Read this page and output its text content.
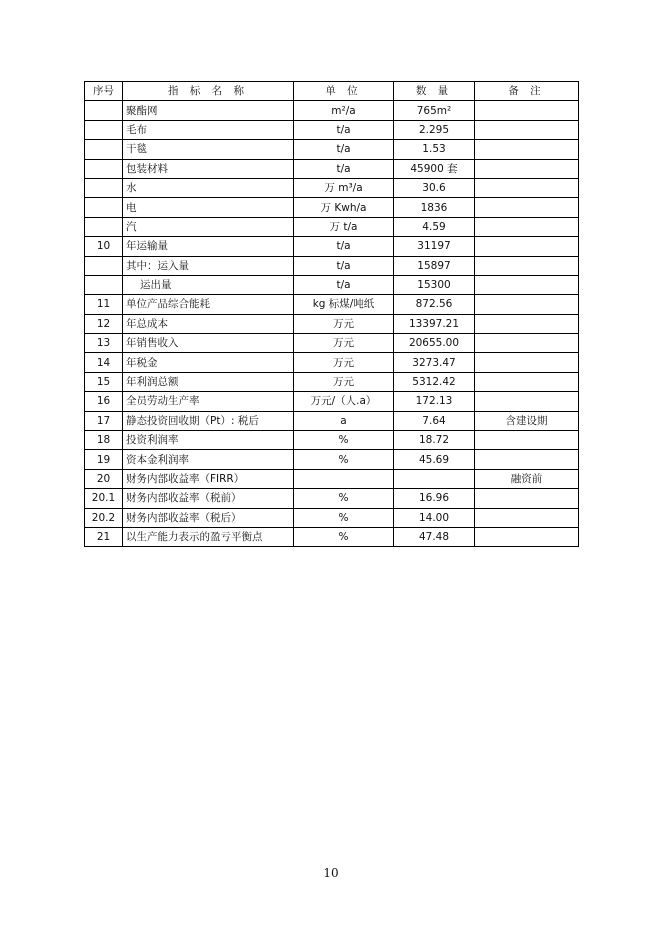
序号	指 标 名 称	单 位	数 量	备 注
	聚酯网	m²/a	765m²	
	毛布	t/a	2.295	
	干毯	t/a	1.53	
	包装材料	t/a	45900 套	
	水	万 m³/a	30.6	
	电	万 Kwh/a	1836	
	汽	万 t/a	4.59	
10	年运输量	t/a	31197	
	其中：运入量	t/a	15897	
	运出量	t/a	15300	
11	单位产品综合能耗	kg 标煤/吨纸	872.56	
12	年总成本	万元	13397.21	
13	年销售收入	万元	20655.00	
14	年税金	万元	3273.47	
15	年利润总额	万元	5312.42	
16	全员劳动生产率	万元/（人.a）	172.13	
17	静态投资回收期（Pt）: 税后	a	7.64	含建设期
18	投资利润率	%	18.72	
19	资本金利润率	%	45.69	
20	财务内部收益率（FIRR）			融资前
20.1	财务内部收益率（税前）	%	16.96	
20.2	财务内部收益率（税后）	%	14.00	
21	以生产能力表示的盈亏平衡点	%	47.48	
10
